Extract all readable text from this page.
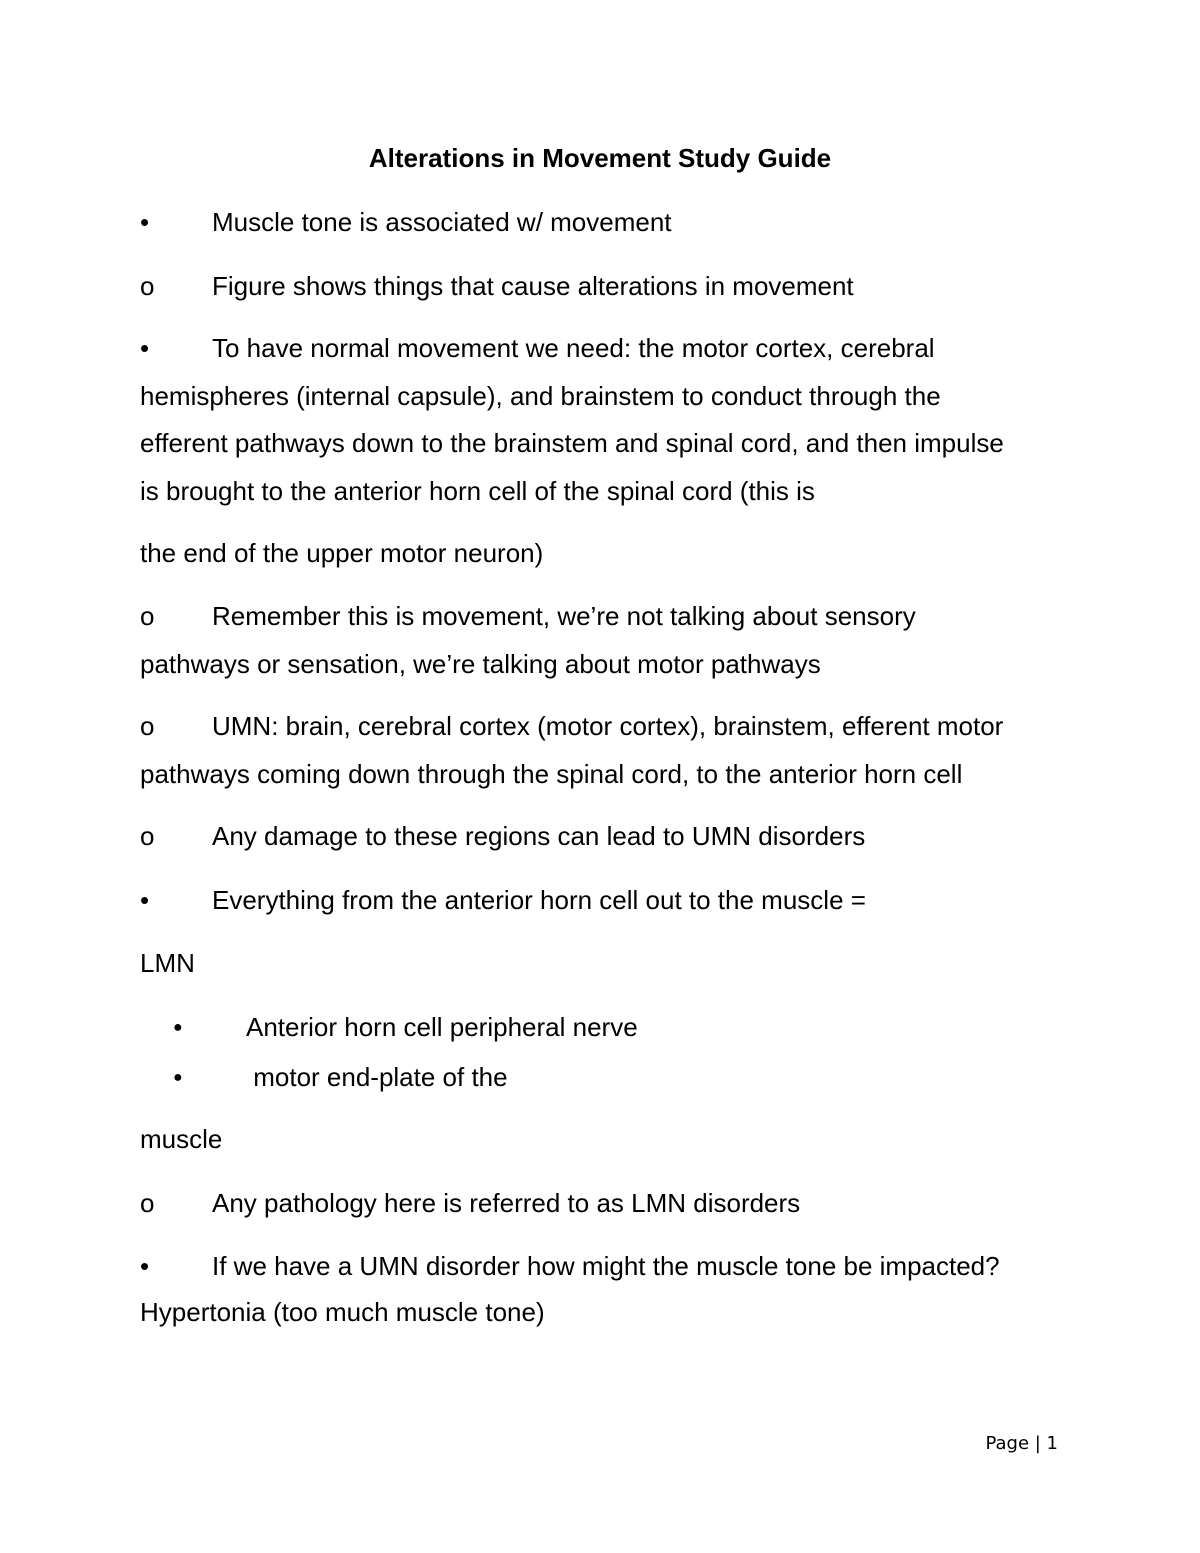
Alterations in Movement Study Guide
• Muscle tone is associated w/ movement
o Figure shows things that cause alterations in movement
• To have normal movement we need: the motor cortex, cerebral
hemispheres (internal capsule), and brainstem to conduct through the
efferent pathways down to the brainstem and spinal cord, and then impulse
is brought to the anterior horn cell of the spinal cord (this is
the end of the upper motor neuron)
o Remember this is movement, we’re not talking about sensory
pathways or sensation, we’re talking about motor pathways
o UMN: brain, cerebral cortex (motor cortex), brainstem, efferent motor
pathways coming down through the spinal cord, to the anterior horn cell
o Any damage to these regions can lead to UMN disorders
• Everything from the anterior horn cell out to the muscle =
LMN
● Anterior horn cell peripheral nerve
● motor end-plate of the
muscle
o Any pathology here is referred to as LMN disorders
• If we have a UMN disorder how might the muscle tone be impacted?
Hypertonia (too much muscle tone)
Page | 1
